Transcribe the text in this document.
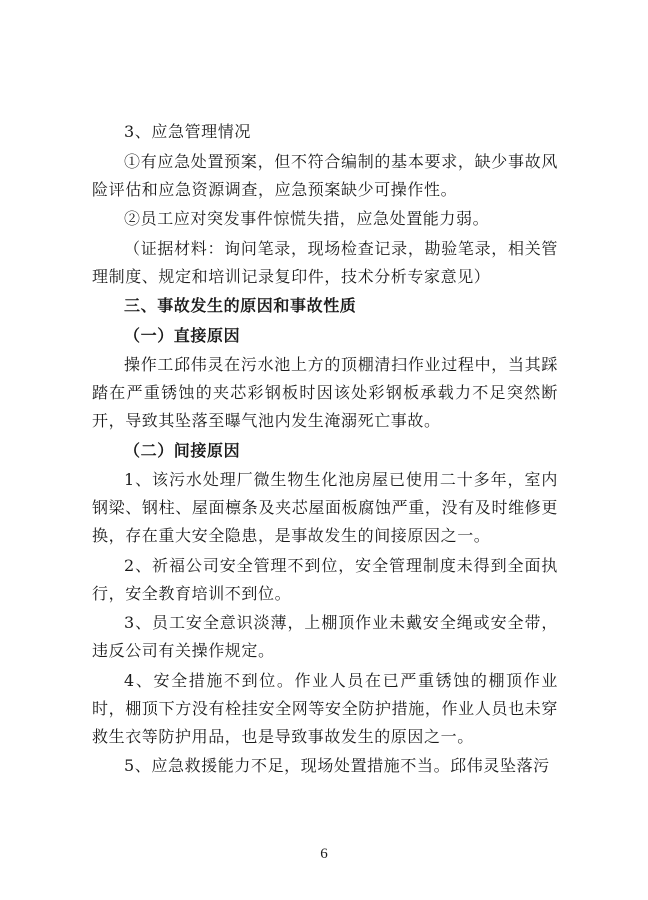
3、应急管理情况

①有应急处置预案，但不符合编制的基本要求，缺少事故风险评估和应急资源调查，应急预案缺少可操作性。

②员工应对突发事件惊慌失措，应急处置能力弱。

（证据材料：询问笔录，现场检查记录，勘验笔录，相关管理制度、规定和培训记录复印件，技术分析专家意见）

三、事故发生的原因和事故性质

（一）直接原因

操作工邱伟灵在污水池上方的顶棚清扫作业过程中，当其踩踏在严重锈蚀的夹芯彩钢板时因该处彩钢板承载力不足突然断开，导致其坠落至曝气池内发生淹溺死亡事故。

（二）间接原因

1、该污水处理厂微生物生化池房屋已使用二十多年，室内钢梁、钢柱、屋面檩条及夹芯屋面板腐蚀严重，没有及时维修更换，存在重大安全隐患，是事故发生的间接原因之一。

2、祈福公司安全管理不到位，安全管理制度未得到全面执行，安全教育培训不到位。

3、员工安全意识淡薄，上棚顶作业未戴安全绳或安全带，违反公司有关操作规定。

4、安全措施不到位。作业人员在已严重锈蚀的棚顶作业时，棚顶下方没有栓挂安全网等安全防护措施，作业人员也未穿救生衣等防护用品，也是导致事故发生的原因之一。

5、应急救援能力不足，现场处置措施不当。邱伟灵坠落污

6
